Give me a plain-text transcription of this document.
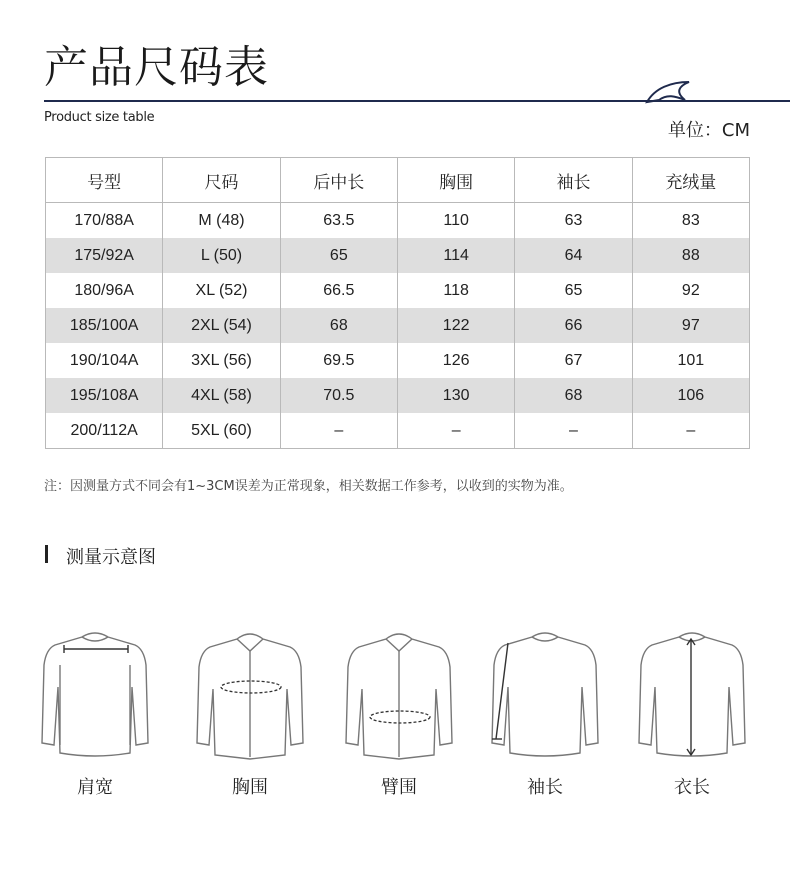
产品尺码表
Product size table
单位：CM
号型	尺码	后中长	胸围	袖长	充绒量
170/88A	M (48)	63.5	110	63	83
175/92A	L (50)	65	114	64	88
180/96A	XL (52)	66.5	118	65	92
185/100A	2XL (54)	68	122	66	97
190/104A	3XL (56)	69.5	126	67	101
195/108A	4XL (58)	70.5	130	68	106
200/112A	5XL (60)	–	–	–	–
注：因测量方式不同会有1~3CM误差为正常现象，相关数据工作参考，以收到的实物为准。
测量示意图
肩宽	胸围	臂围	袖长	衣长
